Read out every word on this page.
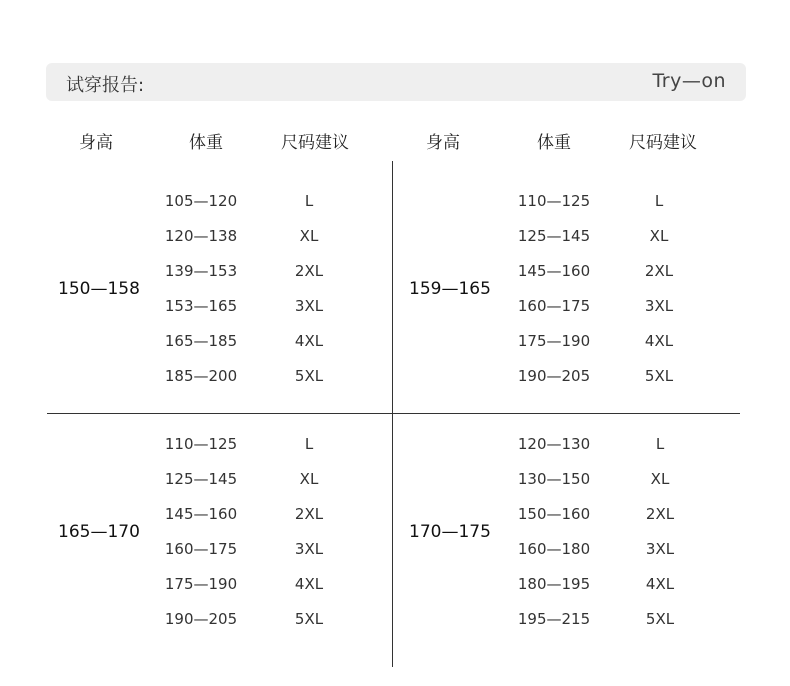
试穿报告:	Try—on
身高	体重	尺码建议	身高	体重	尺码建议
150—158
105—120	L
120—138	XL
139—153	2XL
153—165	3XL
165—185	4XL
185—200	5XL
159—165
110—125	L
125—145	XL
145—160	2XL
160—175	3XL
175—190	4XL
190—205	5XL
165—170
110—125	L
125—145	XL
145—160	2XL
160—175	3XL
175—190	4XL
190—205	5XL
170—175
120—130	L
130—150	XL
150—160	2XL
160—180	3XL
180—195	4XL
195—215	5XL
